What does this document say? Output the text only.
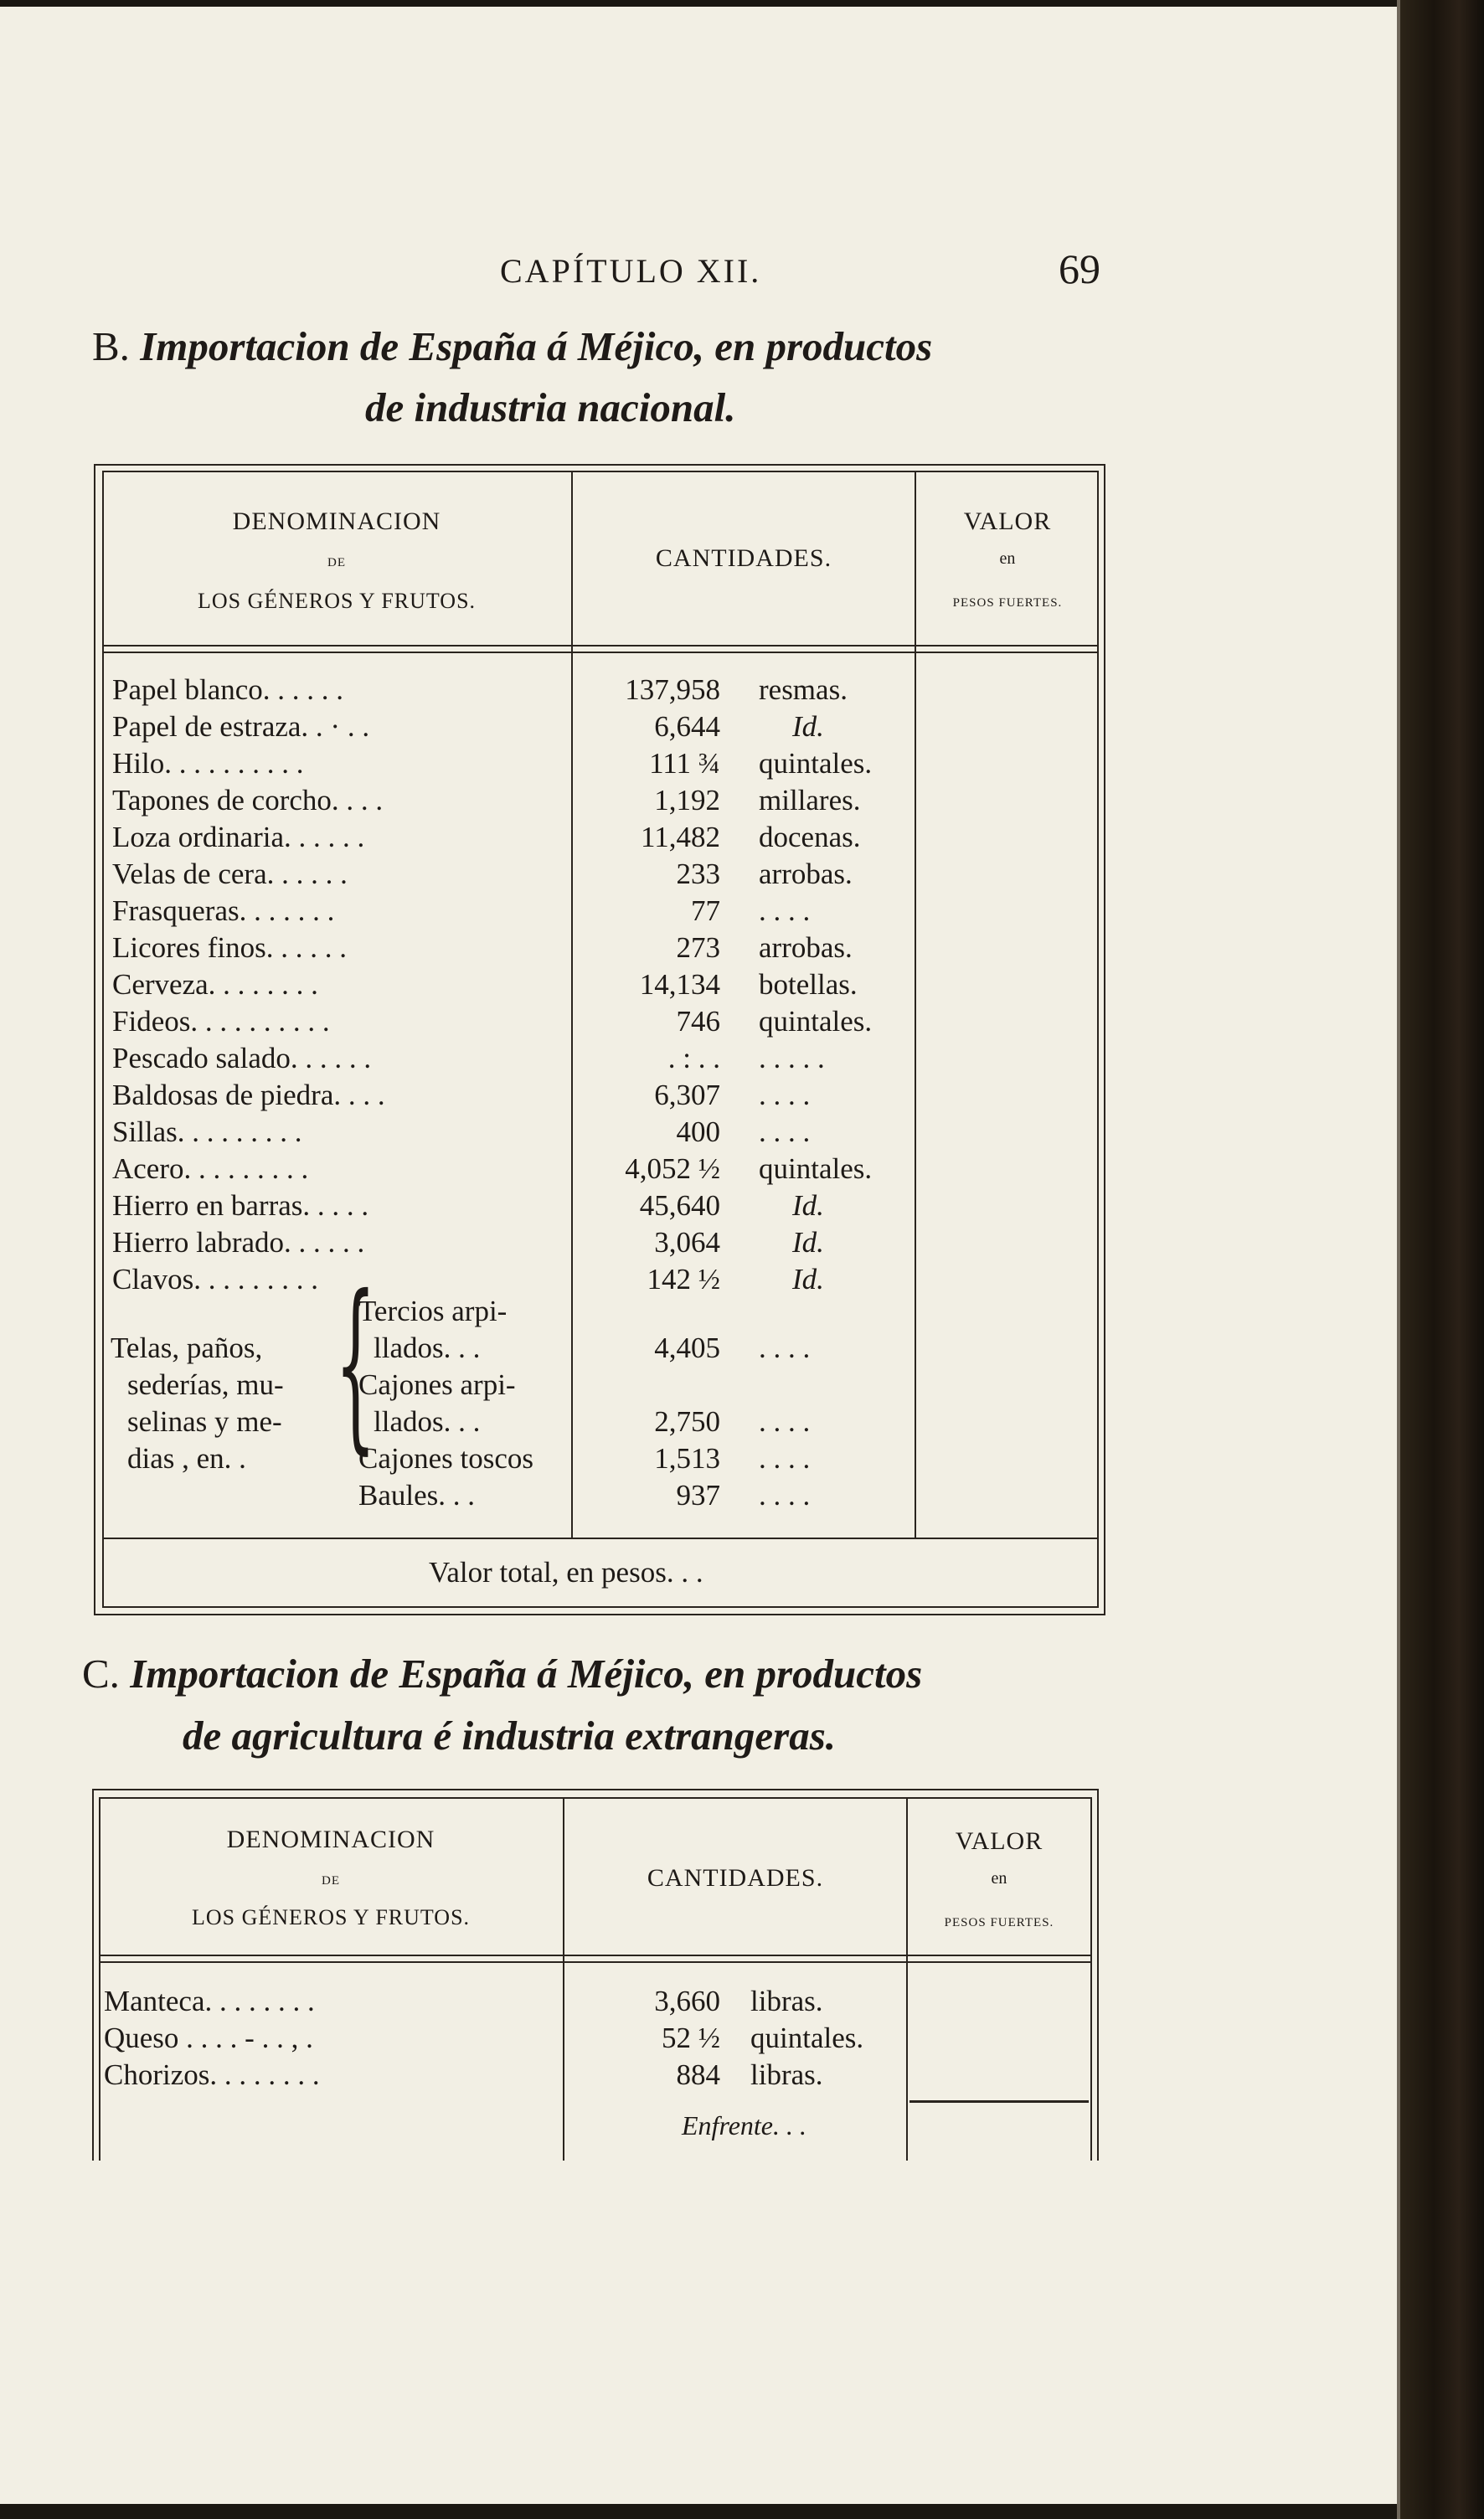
CAPÍTULO XII.	69
B. Importacion de España á Méjico, en productos
de industria nacional.
DENOMINACION
DE
LOS GÉNEROS Y FRUTOS.
CANTIDADES.
VALOR
en
PESOS FUERTES.
Papel blanco. . . . . .	137,958 resmas.
Papel de estraza. . · . .	6,644 Id.
Hilo. . . . . . . . . .	111 ¾ quintales.
Tapones de corcho. . . .	1,192 millares.
Loza ordinaria. . . . . .	11,482 docenas.
Velas de cera. . . . . .	233 arrobas.
Frasqueras. . . . . . .	77 . . . .
Licores finos. . . . . .	273 arrobas.
Cerveza. . . . . . . .	14,134 botellas.
Fideos. . . . . . . . . .	746 quintales.
Pescado salado. . . . . .	. : . . . . . . .
Baldosas de piedra. . . .	6,307 . . . .
Sillas. . . . . . . . .	400 . . . .
Acero. . . . . . . . .	4,052 ½ quintales.
Hierro en barras. . . . .	45,640 Id.
Hierro labrado. . . . . .	3,064 Id.
Clavos. . . . . . . . .	142 ½ Id.
Telas, paños,
sederías, mu-
selinas y me-
dias , en. . {
Tercios arpi-
llados. . .	4,405 . . . .
Cajones arpi-
llados. . .	2,750 . . . .
Cajones toscos	1,513 . . . .
Baules. . .	937 . . . .
Valor total, en pesos. . .
C. Importacion de España á Méjico, en productos
de agricultura é industria extrangeras.
DENOMINACION
DE
LOS GÉNEROS Y FRUTOS.
CANTIDADES.
VALOR
en
PESOS FUERTES.
Manteca. . . . . . . .	3,660 libras.
Queso . . . . - . . , .	52 ½ quintales.
Chorizos. . . . . . . .	884 libras.
Enfrente. . .
